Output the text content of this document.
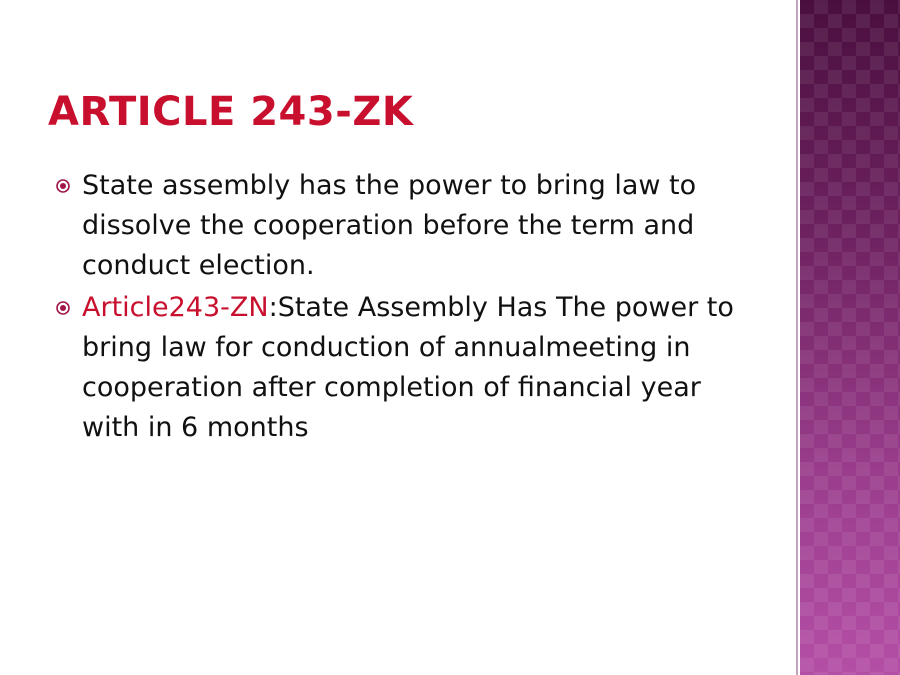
ARTICLE 243-ZK
State assembly has the power to bring law to dissolve the cooperation before the term and conduct election.
Article243-ZN:State Assembly Has The power to bring law for conduction of annualmeeting in cooperation after completion of financial year with in 6 months
